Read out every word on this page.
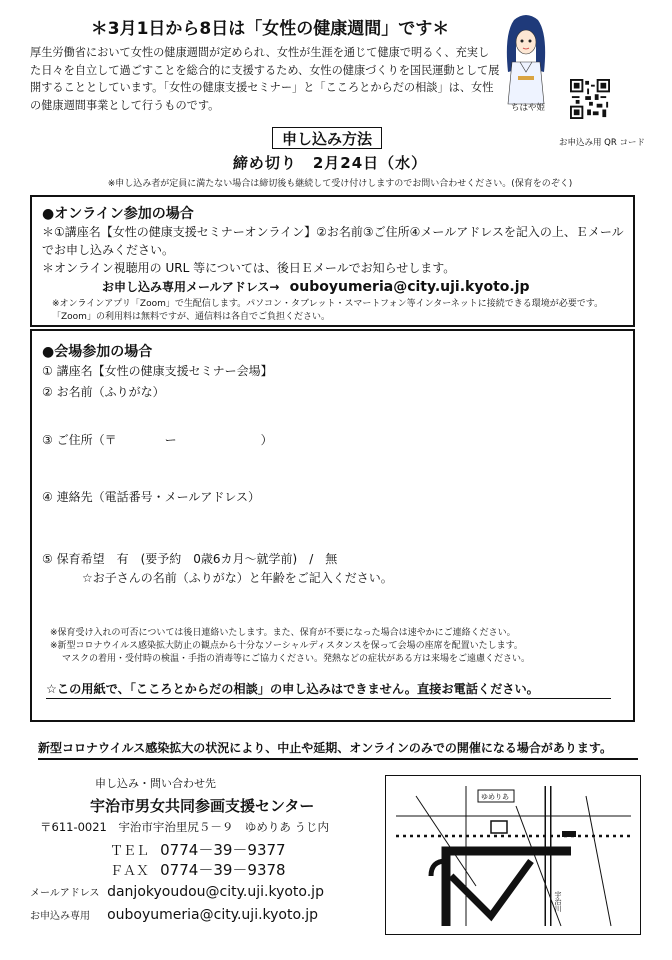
＊3月1日から8日は「女性の健康週間」です＊
厚生労働省において女性の健康週間が定められ、女性が生涯を通じて健康で明るく、充実した日々を自立して過ごすことを総合的に支援するため、女性の健康づくりを国民運動として展開することとしています。「女性の健康支援セミナー」と「こころとからだの相談」は、女性の健康週間事業として行うものです。	ちはや姫
お申込み用 QR コード
申し込み方法
締め切り　2月24日（水）
※申し込み者が定員に満たない場合は締切後も継続して受け付けしますのでお問い合わせください。(保育をのぞく)
●オンライン参加の場合
＊①講座名【女性の健康支援セミナーオンライン】②お名前③ご住所④メールアドレスを記入の上、Ｅメールでお申し込みください。
＊オンライン視聴用の URL 等については、後日Ｅメールでお知らせします。
お申し込み専用メールアドレス→ ouboyumeria@city.uji.kyoto.jp
※オンラインアプリ「Zoom」で生配信します。パソコン・タブレット・スマートフォン等インターネットに接続できる環境が必要です。「Zoom」の利用料は無料ですが、通信料は各自でご負担ください。
●会場参加の場合
① 講座名【女性の健康支援セミナー会場】
② お名前（ふりがな）
③ ご住所（〒　　　　ー　　　　　　　）
④ 連絡先（電話番号・メールアドレス）
⑤ 保育希望　有　(要予約　0歳6カ月～就学前)　/　無
☆お子さんの名前（ふりがな）と年齢をご記入ください。
※保育受け入れの可否については後日連絡いたします。また、保育が不要になった場合は速やかにご連絡ください。
※新型コロナウイルス感染拡大防止の観点から十分なソーシャルディスタンスを保って会場の座席を配置いたします。
マスクの着用・受付時の検温・手指の消毒等にご協力ください。発熱などの症状がある方は来場をご遠慮ください。
☆この用紙で、「こころとからだの相談」の申し込みはできません。直接お電話ください。
新型コロナウイルス感染拡大の状況により、中止や延期、オンラインのみでの開催になる場合があります。
申し込み・問い合わせ先
宇治市男女共同参画支援センター
〒611-0021　宇治市宇治里尻５－９　ゆめりあ うじ内
ＴＥＬ 0774－39－9377
ＦＡＸ 0774－39－9378
メールアドレス danjokyoudou@city.uji.kyoto.jp
お申込み専用 ouboyumeria@city.uji.kyoto.jp
ゆめりあ
宇治川
